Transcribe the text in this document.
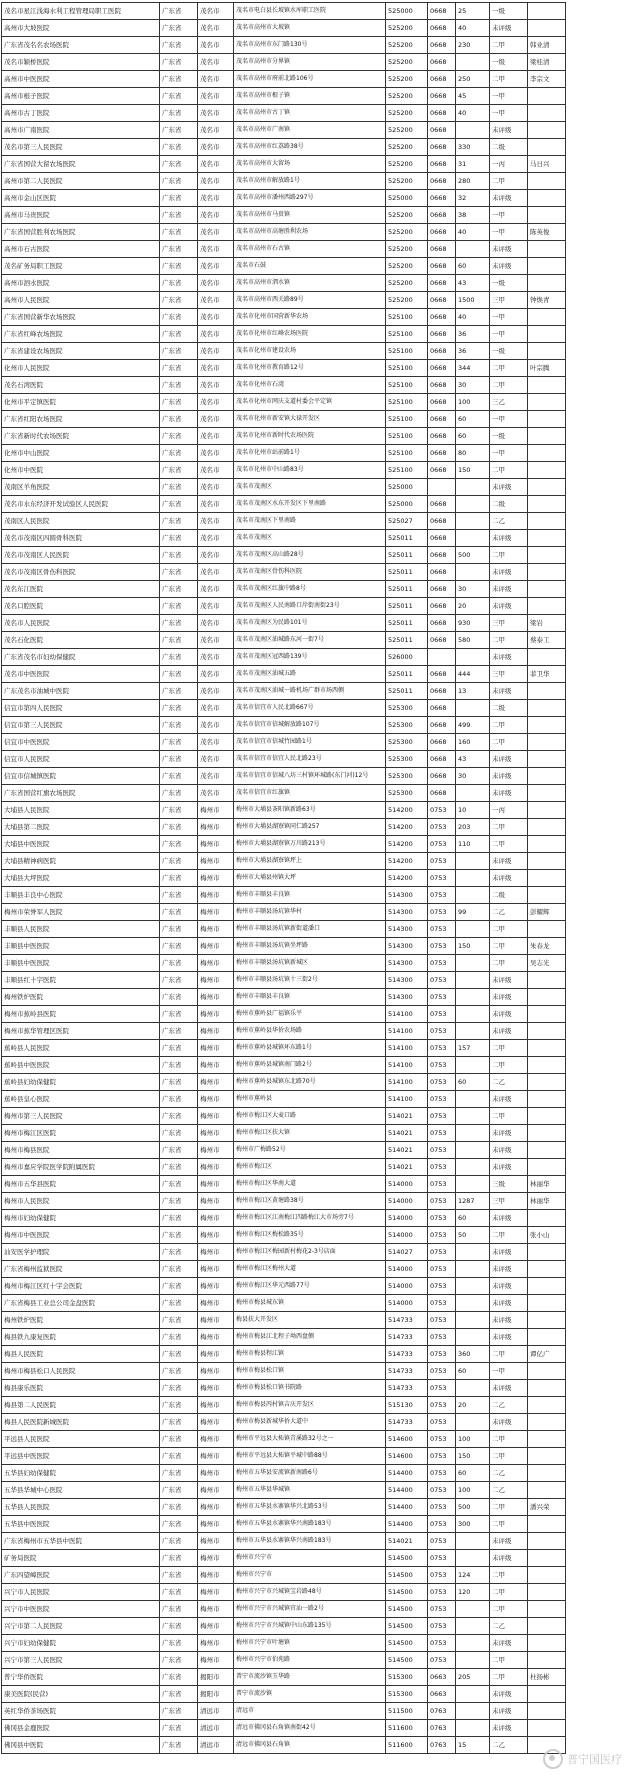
茂名市星江浅海水利工程管理局职工医院	广东省	茂名市	茂名市电白县长坡镇水库职工医院	525000	0668	25	一级	
高州市大坡医院	广东省	茂名市	茂名市高州市大坡镇	525200	0668	40	未评级	
广东省茂名名农场医院	广东省	茂名市	茂名市高州市东门路130号	525200	0668	230	二甲	韩业清
茂名市颖桥医院	广东省	茂名市	茂名市高州市分界镇	525200	0668		一级	梁桂清
高州市中医医院	广东省	茂名市	茂名市高州市府前北路106号	525200	0668	250	二甲	李宗文
高州市根子医院	广东省	茂名市	茂名市高州市根子镇	525200	0668	45	一甲	
高州市古丁医院	广东省	茂名市	茂名市高州市古丁镇	525200	0668	40	一甲	
高州市广南医院	广东省	茂名市	茂名市高州市广南镇	525200	0668		未评级	
茂名市第三人民医院	广东省	茂名市	茂名市高州市红荔路38号	525200	0668	330	二级	
广东省国营大留农场医院	广东省	茂名市	茂名市高州市大留场	525200	0668	31	一丙	马日兴
高州市第二人民医院	广东省	茂名市	茂名市高州市解放路1号	525200	0668	280	二甲	
高州市金山区医院	广东省	茂名市	茂名市高州市潘州西路297号	525000	0668	32	未评级	
高州市马贵医院	广东省	茂名市	茂名市高州市马贵镇	525200	0668	38	一甲	
广东省国营胜利农场医院	广东省	茂名市	茂名市高州市高塘胜利农场	525200	0668	40	一甲	陈英俊
高州市石古医院	广东省	茂名市	茂名市高州市石古镇	525200	0668		未评级	
茂名矿务局职工医院	广东省	茂名市	茂名市石鼓	525200	0668	60	未评级	
高州市泗水医院	广东省	茂名市	茂名市高州市泗水镇	525200	0668	43	一级	
高州市人民医院	广东省	茂名市	茂名市高州市西关路89号	525200	0668	1500	三甲	钟焕青
广东省国营新华农场医院	广东省	茂名市	茂名市化州市国营新华农场	525100	0668	40	一甲	
广东省红峰农场医院	广东省	茂名市	茂名市化州市红峰农场医院	525100	0668	36	一甲	
广东省建设农场医院	广东省	茂名市	茂名市化州市建设农场	525100	0668	36	一级	
化州市人民医院	广东省	茂名市	茂名市化州市教育路12号	525100	0668	344	二甲	叶宗腾
茂名石湾医院	广东省	茂名市	茂名市化州市石湾	525100	0668	30	二甲	
化州市平定镇医院	广东省	茂名市	茂名市化州市网庆支道村委会平定镇	525100	0668	100	三乙	
广东省红阳农场医院	广东省	茂名市	茂名市化州市新安镇大禄开发区	525100	0668	60	一甲	
广东省新时代农场医院	广东省	茂名市	茂名市化州市新时代农场医院	525100	0668	60	一级	
化州市中山医院	广东省	茂名市	茂名市化州市站前路1号	525100	0668	80	一甲	
化州市中医院	广东省	茂名市	茂名市化州市中山路83号	525100	0668	150	二甲	
茂南区羊角医院	广东省	茂名市	茂名市茂南区	525000			未评级	
茂名市水东经济开发试验区人民医院	广东省	茂名市	茂名市茂南区水东开发区下里南路	525000	0668		二级	
茂南区人民医院	广东省	茂名市	茂名市茂南区下里南路	525027	0668		二乙	
茂名市茂南区四圆骨科医院	广东省	茂名市	茂名市茂南区	525011	0668		未评级	
茂名市茂南区人民医院	广东省	茂名市	茂名市茂南区高山路28号	525011	0668	500	二甲	
茂名市茂南区骨伤科医院	广东省	茂名市	茂名市茂南区骨伤科医院	525011	0668		未评级	
茂名东江医院	广东省	茂名市	茂名市茂南区红旗中路8号	525011	0668	30	未评级	
茂名口腔医院	广东省	茂名市	茂名市茂南区人民南路口岸街南街23号	525011	0668	20	未评级	
茂名市人民医院	广东省	茂名市	茂名市茂南区为民路101号	525011	0668	930	三甲	梁岩
茂名石化医院	广东省	茂名市	茂名市茂南区油城路东河一街7号	525011	0668	580	二甲	蔡泰工
广东省茂名市妇幼保健院	广东省	茂名市	茂名市茂南区冠西路139号	526000			未评级	
茂名市中医医院	广东省	茂名市	茂名市茂南区油城五路	525011	0668	444	三甲	菲卫华
广东茂名市油城中医院	广东省	茂名市	茂名市茂南区油城一路机场广群市场西侧	525011	0668	13	未评级	
信宜市第四人民医院	广东省	茂名市	茂名市信宜市人民北路667号	525300	0668		二级	
信宜市第三人民医院	广东省	茂名市	茂名市信宜市信城解放路107号	525300	0668	499	二甲	
信宜市中医医院	广东省	茂名市	茂名市信宜市信城竹园路1号	525300	0668	160	二甲	
信宜市人民医院	广东省	茂名市	茂名市信宜市信宜人民北路23号	525300	0668	43	未评级	
信宜市信城镇医院	广东省	茂名市	茂名市信宜市信城八坊三村镇环城路(东门河)12号	525300	0668	30	未评级	
广东省国营红旗农场医院	广东省	茂名市	茂名市信宜市红旗镇	525300	0668		未评级	
大埔县人民医院	广东省	梅州市	梅州市大埔县茶阳镇新路63号	514200	0753	10	一丙	
大埔县第二医院	广东省	梅州市	梅州市大埔县湖寮镇同仁路257	514200	0753	203	二甲	
大埔县中医医院	广东省	梅州市	梅州市大埔县湖寮镇万川路213号	514200	0753	110	二甲	
大埔县精神病医院	广东省	梅州市	梅州市大埔县湖寮镇坪上	514200	0753		未评级	
大埔县大坪医院	广东省	梅州市	梅州市大埔县州镇大坪	514200	0753		未评级	
丰顺县丰良中心医院	广东省	梅州市	梅州市丰顺县丰良镇	514300	0753		二级	
梅州市荣誉军人医院	广东省	梅州市	梅州市丰顺县汤坑镇华村	514300	0753	99	二乙	彭耀辉
丰顺县人民医院	广东省	梅州市	梅州市丰顺县汤坑镇新街道潘口	514300	0753		二甲	
丰顺县中医医院	广东省	梅州市	梅州市丰顺县汤坑镇坐坪路	514300	0753	150	二甲	朱春龙
丰顺县中医医院	广东省	梅州市	梅州市丰顺县汤坑镇新城区	514300	0753		二甲	吴志光
丰顺县红十字医院	广东省	梅州市	梅州市丰顺县汤坑镇十三街2号	514300	0753		未评级	
梅州铁炉医院	广东省	梅州市	梅州市丰顺县丰良镇	514300	0753		未评级	
梅州市蕉岭县医院	广东省	梅州市	梅州市蕉岭县广福镇乐平	514100	0753		未评级	
梅州市蕉华管理区医院	广东省	梅州市	梅州市蕉岭县华侨农场路	514100	0753		未评级	
蕉岭县人民医院	广东省	梅州市	梅州市蕉岭县城镇环东路1号	514100	0753	157	二甲	
蕉岭县中医医院	广东省	梅州市	梅州市蕉岭县城镇南门路2号	514100	0753		二甲	
蕉岭县妇幼保健院	广东省	梅州市	梅州市蕉岭县城镇东北路70号	514100	0753	60	二乙	
蕉岭县皇心医院	广东省	梅州市	梅州市蕉岭县	514100	0753		未评级	
梅州市第三人民医院	广东省	梅州市	梅州市梅江区大麦口路	514021	0753		二甲	
梅州市梅江区医院	广东省	梅州市	梅州市梅江区扶大镇	514021	0753		未评级	
梅州市梅县医院	广东省	梅州市	梅州市广梅路52号	514021	0753		未评级	
梅州市嘉应学院医学院附属医院	广东省	梅州市	梅州市梅江区	514021	0753		未评级	
梅州市五华县医院	广东省	梅州市	梅州市梅江区华南大道	514000	0753		三级	林丽华
梅州市人民医院	广东省	梅州市	梅州市梅江区黄塘路38号	514000	0753	1287	三甲	林丽华
梅州市妇幼保健院	广东省	梅州市	梅州市梅江区江南梅江四路梅江大市场旁7号	514000	0753	60	未评级	
梅州市中医医院	广东省	梅州市	梅州市梅江区梅松路35号	514000	0753	50	二甲	张小山
汕安医学护理院	广东省	梅州市	梅州市梅江区梅园新村梅花2-3号店面	514027	0753		未评级	
广东省梅州监狱医院	广东省	梅州市	梅州市梅江区梅州大道	514000	0753		未评级	
梅州市梅江区红十字会医院	广东省	梅州市	梅州市梅江区华元西路77号	514000	0753		未评级	
广东省梅县工业总公司金盘医院	广东省	梅州市	梅州市梅县城东镇	514000	0753		未评级	
梅州铁炉医院	广东省	梅州市	梅县扶大开发区	514733	0753		未评级	
梅县铁九康复医院	广东省	梅州市	梅州市梅县江北程子坳西盘侧	514733	0753		未评级	
梅县人民医院	广东省	梅州市	梅州市梅县程江镇	514733	0753	360	二甲	谭亿广
梅州市梅县松口人民医院	广东省	梅州市	梅州市梅县松口镇	514733	0753	60	一甲	
梅县康乐医院	广东省	梅州市	梅州市梅县松口镇书院路	514733	0753		未评级	
梅县第二人民医院	广东省	梅州市	梅州市梅县丙村镇吉庆开发区	515130	0753	20	二乙	
梅县人民医院新城医院	广东省	梅州市	梅州市梅县新城华侨大道中	514733	0753		未评级	
平远县人民医院	广东省	梅州市	梅州市平远县大柘镇青溪路32号之一	514600	0753	100	二甲	
平远县中医医院	广东省	梅州市	梅州市平远县大柘镇平城中路88号	514600	0753	150	二甲	
五华县妇幼保健院	广东省	梅州市	梅州市五华县安流镇新南路6号	514400	0753	60	二乙	
五华县华城中心医院	广东省	梅州市	梅州市五华县华城镇	514400	0753	100	二乙	
五华县人民医院	广东省	梅州市	梅州市五华县水寨镇华兴北路53号	514400	0753	500	二甲	潘兴荣
五华县中医医院	广东省	梅州市	梅州市五华县水寨镇华兴南路183号	514400	0753	300	二甲	
广东省梅州市五华县中医院	广东省	梅州市	梅州市五华县水寨镇华兴南路183号	514021	0753		未评级	
矿务局医院	广东省	梅州市	梅州市兴宁市	514500	0753		未评级	
广东四望嶂医院	广东省	梅州市	梅州市兴宁市	514500	0753	124	二甲	
兴宁市人民医院	广东省	梅州市	梅州市兴宁市兴城镇宝岩路48号	514500	0753	120	二甲	
兴宁市中医医院	广东省	梅州市	梅州市兴宁市兴城镇官汕一路2号	514500	0753		二甲	
兴宁市第二人民医院	广东省	梅州市	梅州市兴宁市兴城镇中山东路135号	514500	0753		二乙	
兴宁市妇幼保健院	广东省	梅州市	梅州市兴宁市叶塘镇	514500	0753		未评级	
兴宁市第三人民医院	广东省	梅州市	梅州市兴宁市伯苑路	514500	0753		二甲	
普宁华侨医院	广东省	揭阳市	普宁市流沙镇玉华路	515300	0663	205	二甲	杜扬彬
康美医院(民营)	广东省	揭阳市	普宁市流沙镇	515300	0663		未评级	
英红华侨茶场医院	广东省	清远市	清远市	511500	0763		未评级	
佛冈县金鹿医院	广东省	清远市	清远市佛冈县石角镇南街42号	511600	0763		未评级	
佛冈县中医院	广东省	清远市	清远市佛冈县石角镇	511600	0763	15	二乙	
普宁国医疗
